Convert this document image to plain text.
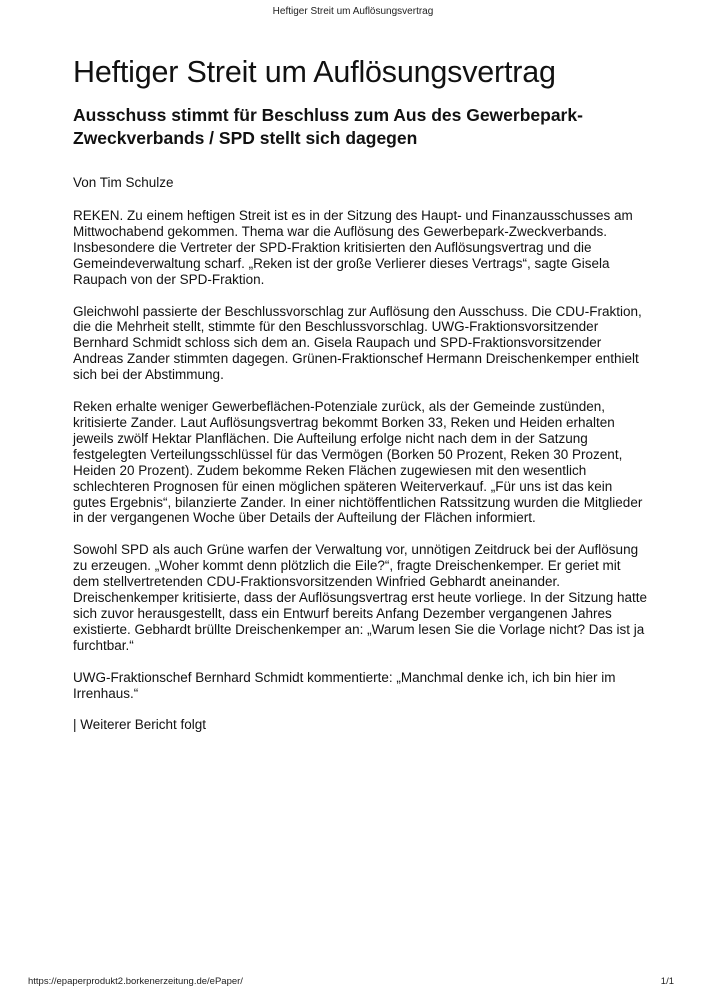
Heftiger Streit um Auflösungsvertrag
Heftiger Streit um Auflösungsvertrag
Ausschuss stimmt für Beschluss zum Aus des Gewerbepark-Zweckverbands / SPD stellt sich dagegen
Von Tim Schulze

REKEN. Zu einem heftigen Streit ist es in der Sitzung des Haupt- und Finanzausschusses am Mittwochabend gekommen. Thema war die Auflösung des Gewerbepark-Zweckverbands. Insbesondere die Vertreter der SPD-Fraktion kritisierten den Auflösungsvertrag und die Gemeindeverwaltung scharf. „Reken ist der große Verlierer dieses Vertrags“, sagte Gisela Raupach von der SPD-Fraktion.

Gleichwohl passierte der Beschlussvorschlag zur Auflösung den Ausschuss. Die CDU-Fraktion, die die Mehrheit stellt, stimmte für den Beschlussvorschlag. UWG-Fraktionsvorsitzender Bernhard Schmidt schloss sich dem an. Gisela Raupach und SPD-Fraktionsvorsitzender Andreas Zander stimmten dagegen. Grünen-Fraktionschef Hermann Dreischenkemper enthielt sich bei der Abstimmung.

Reken erhalte weniger Gewerbeflächen-Potenziale zurück, als der Gemeinde zustünden, kritisierte Zander. Laut Auflösungsvertrag bekommt Borken 33, Reken und Heiden erhalten jeweils zwölf Hektar Planflächen. Die Aufteilung erfolge nicht nach dem in der Satzung festgelegten Verteilungsschlüssel für das Vermögen (Borken 50 Prozent, Reken 30 Prozent, Heiden 20 Prozent). Zudem bekomme Reken Flächen zugewiesen mit den wesentlich schlechteren Prognosen für einen möglichen späteren Weiterverkauf. „Für uns ist das kein gutes Ergebnis“, bilanzierte Zander. In einer nichtöffentlichen Ratssitzung wurden die Mitglieder in der vergangenen Woche über Details der Aufteilung der Flächen informiert.

Sowohl SPD als auch Grüne warfen der Verwaltung vor, unnötigen Zeitdruck bei der Auflösung zu erzeugen. „Woher kommt denn plötzlich die Eile?“, fragte Dreischenkemper. Er geriet mit dem stellvertretenden CDU-Fraktionsvorsitzenden Winfried Gebhardt aneinander. Dreischenkemper kritisierte, dass der Auflösungsvertrag erst heute vorliege. In der Sitzung hatte sich zuvor herausgestellt, dass ein Entwurf bereits Anfang Dezember vergangenen Jahres existierte. Gebhardt brüllte Dreischenkemper an: „Warum lesen Sie die Vorlage nicht? Das ist ja furchtbar.“

UWG-Fraktionschef Bernhard Schmidt kommentierte: „Manchmal denke ich, ich bin hier im Irrenhaus.“

| Weiterer Bericht folgt

https://epaperprodukt2.borkenerzeitung.de/ePaper/	1/1
